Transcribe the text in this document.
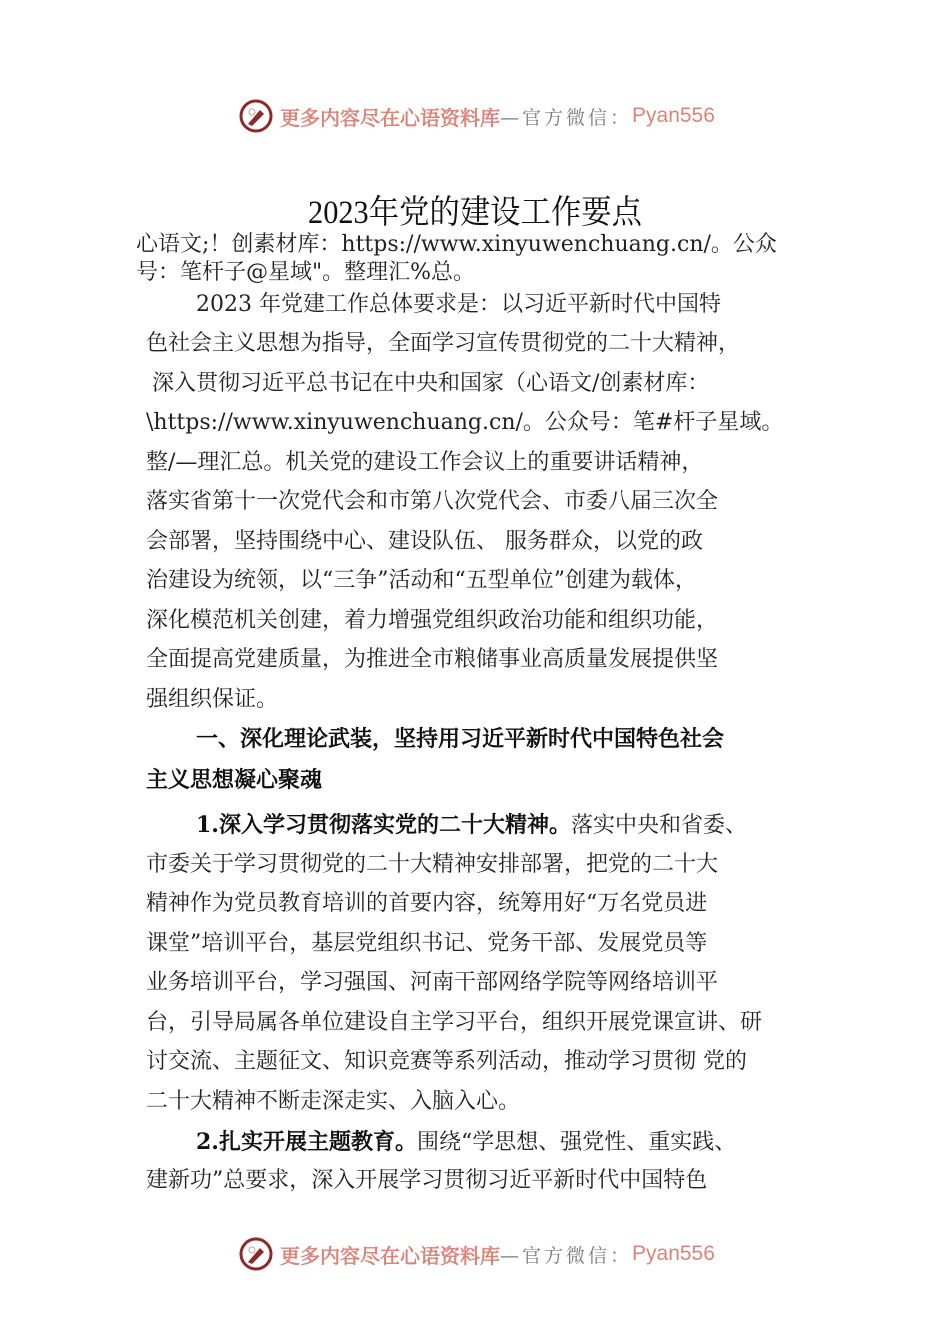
更多内容尽在心语资料库 —官方微信： Pyan556
2023年党的建设工作要点
心语文;！创素材库：https://www.xinyuwenchuang.cn/。公众
号：笔杆子@星域"。整理汇%总。
2023 年党建工作总体要求是：以习近平新时代中国特
色社会主义思想为指导，全面学习宣传贯彻党的二十大精神，
深入贯彻习近平总书记在中央和国家（心语文/创素材库：
\https://www.xinyuwenchuang.cn/。公众号：笔#杆子星域。
整/—理汇总。机关党的建设工作会议上的重要讲话精神，
落实省第十一次党代会和市第八次党代会、市委八届三次全
会部署，坚持围绕中心、建设队伍、 服务群众，以党的政
治建设为统领，以“三争”活动和“五型单位”创建为载体，
深化模范机关创建，着力增强党组织政治功能和组织功能，
全面提高党建质量，为推进全市粮储事业高质量发展提供坚
强组织保证。
一、深化理论武装，坚持用习近平新时代中国特色社会
主义思想凝心聚魂
1.深入学习贯彻落实党的二十大精神。落实中央和省委、
市委关于学习贯彻党的二十大精神安排部署，把党的二十大
精神作为党员教育培训的首要内容，统筹用好“万名党员进
课堂”培训平台，基层党组织书记、党务干部、发展党员等
业务培训平台，学习强国、河南干部网络学院等网络培训平
台，引导局属各单位建设自主学习平台，组织开展党课宣讲、研
讨交流、主题征文、知识竞赛等系列活动，推动学习贯彻 党的
二十大精神不断走深走实、入脑入心。
2.扎实开展主题教育。围绕“学思想、强党性、重实践、
建新功”总要求，深入开展学习贯彻习近平新时代中国特色
更多内容尽在心语资料库 —官方微信： Pyan556
